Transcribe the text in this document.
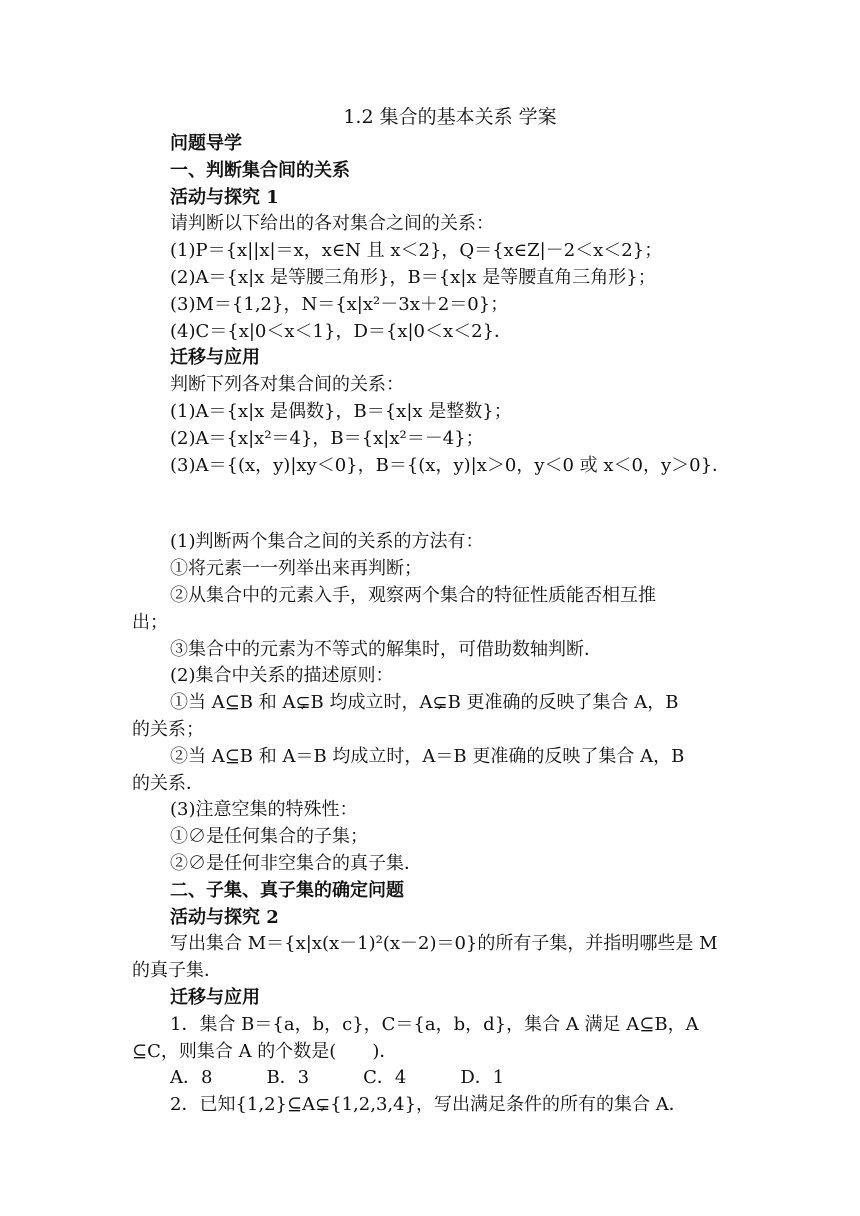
1.2 集合的基本关系 学案

问题导学

一、判断集合间的关系

活动与探究 1

请判断以下给出的各对集合之间的关系：

(1)P＝{x||x|＝x，x∈N 且 x＜2}，Q＝{x∈Z|－2＜x＜2}；

(2)A＝{x|x 是等腰三角形}，B＝{x|x 是等腰直角三角形}；

(3)M＝{1,2}，N＝{x|x²－3x＋2＝0}；

(4)C＝{x|0＜x＜1}，D＝{x|0＜x＜2}．

迁移与应用

判断下列各对集合间的关系：

(1)A＝{x|x 是偶数}，B＝{x|x 是整数}；

(2)A＝{x|x²＝4}，B＝{x|x²＝－4}；

(3)A＝{(x，y)|xy＜0}，B＝{(x，y)|x＞0，y＜0 或 x＜0，y＞0}．

(1)判断两个集合之间的关系的方法有：

①将元素一一列举出来再判断；

②从集合中的元素入手，观察两个集合的特征性质能否相互推

出；

③集合中的元素为不等式的解集时，可借助数轴判断．

(2)集合中关系的描述原则：

①当 A⊆B 和 A⊊B 均成立时，A⊊B 更准确的反映了集合 A，B

的关系；

②当 A⊆B 和 A＝B 均成立时，A＝B 更准确的反映了集合 A，B

的关系．

(3)注意空集的特殊性：

①∅是任何集合的子集；

②∅是任何非空集合的真子集．

二、子集、真子集的确定问题

活动与探究 2

写出集合 M＝{x|x(x－1)²(x－2)＝0}的所有子集，并指明哪些是 M

的真子集．

迁移与应用

1．集合 B＝{a，b，c}，C＝{a，b，d}，集合 A 满足 A⊆B，A

⊆C，则集合 A 的个数是(　　)．

A．8　　　B．3　　　C．4　　　D．1

2．已知{1,2}⊆A⊊{1,2,3,4}，写出满足条件的所有的集合 A．
